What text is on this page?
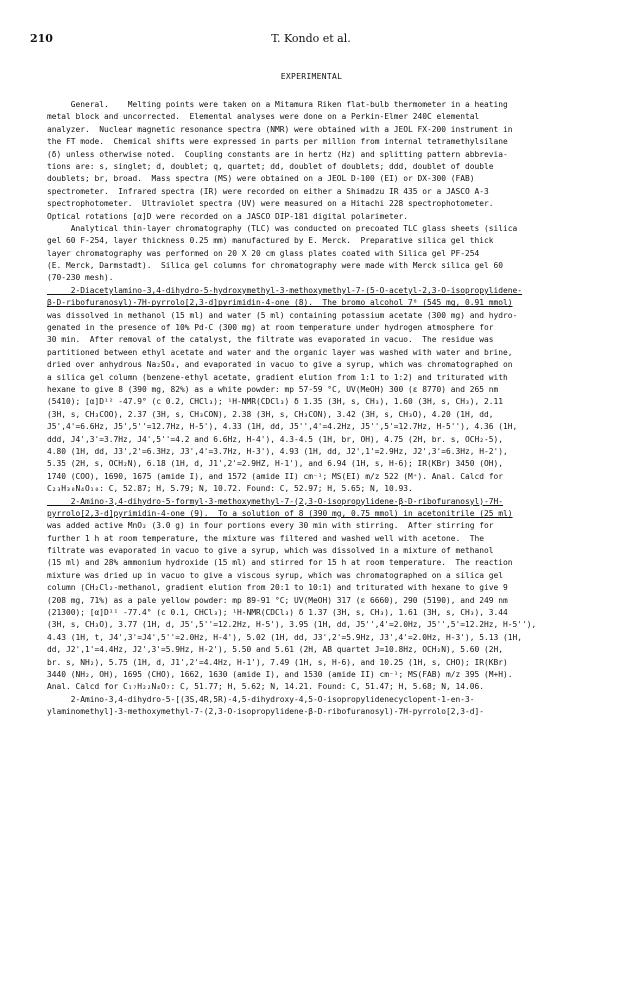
210	T. Kondo et al.
EXPERIMENTAL
General.    Melting points were taken on a Mitamura Riken flat-bulb thermometer in a heating
metal block and uncorrected.  Elemental analyses were done on a Perkin-Elmer 240C elemental
analyzer.  Nuclear magnetic resonance spectra (NMR) were obtained with a JEOL FX-200 instrument in
the FT mode.  Chemical shifts were expressed in parts per million from internal tetramethylsilane
(δ) unless otherwise noted.  Coupling constants are in hertz (Hz) and splitting pattern abbrevia-
tions are: s, singlet; d, doublet; q, quartet; dd, doublet of doublets; ddd, doublet of double
doublets; br, broad.  Mass spectra (MS) were obtained on a JEOL D-100 (EI) or DX-300 (FAB)
spectrometer.  Infrared spectra (IR) were recorded on either a Shimadzu IR 435 or a JASCO A-3
spectrophotometer.  Ultraviolet spectra (UV) were measured on a Hitachi 228 spectrophotometer.
Optical rotations [α]D were recorded on a JASCO DIP-181 digital polarimeter.
Analytical thin-layer chromatography (TLC) was conducted on precoated TLC glass sheets (silica
gel 60 F-254, layer thickness 0.25 mm) manufactured by E. Merck.  Preparative silica gel thick
layer chromatography was performed on 20 X 20 cm glass plates coated with Silica gel PF-254
(E. Merck, Darmstadt).  Silica gel columns for chromatography were made with Merck silica gel 60
(70-230 mesh).
2-Diacetylamino-3,4-dihydro-5-hydroxymethyl-3-methoxymethyl-7-(5-O-acetyl-2,3-O-isopropylidene-
β-D-ribofuranosyl)-7H-pyrrolo[2,3-d]pyrimidin-4-one (8).  The bromo alcohol 7⁸ (545 mg, 0.91 mmol)
was dissolved in methanol (15 ml) and water (5 ml) containing potassium acetate (300 mg) and hydro-
genated in the presence of 10% Pd-C (300 mg) at room temperature under hydrogen atmosphere for
30 min.  After removal of the catalyst, the filtrate was evaporated in vacuo.  The residue was
partitioned between ethyl acetate and water and the organic layer was washed with water and brine,
dried over anhydrous Na₂SO₄, and evaporated in vacuo to give a syrup, which was chromatographed on
a silica gel column (benzene-ethyl acetate, gradient elution from 1:1 to 1:2) and triturated with
hexane to give 8 (390 mg, 82%) as a white powder: mp 57-59 °C, UV(MeOH) 300 (ε 8770) and 265 nm
(5410); [α]D¹² -47.9° (c 0.2, CHCl₃); ¹H-NMR(CDCl₃) δ 1.35 (3H, s, CH₃), 1.60 (3H, s, CH₃), 2.11
(3H, s, CH₃COO), 2.37 (3H, s, CH₃CON), 2.38 (3H, s, CH₃CON), 3.42 (3H, s, CH₃O), 4.20 (1H, dd,
J5',4'=6.6Hz, J5',5''=12.7Hz, H-5'), 4.33 (1H, dd, J5'',4'=4.2Hz, J5'',5'=12.7Hz, H-5''), 4.36 (1H,
ddd, J4',3'=3.7Hz, J4',5''=4.2 and 6.6Hz, H-4'), 4.3-4.5 (1H, br, OH), 4.75 (2H, br. s, OCH₂-5),
4.80 (1H, dd, J3',2'=6.3Hz, J3',4'=3.7Hz, H-3'), 4.93 (1H, dd, J2',1'=2.9Hz, J2',3'=6.3Hz, H-2'),
5.35 (2H, s, OCH₂N), 6.18 (1H, d, J1',2'=2.9HZ, H-1'), and 6.94 (1H, s, H-6); IR(KBr) 3450 (OH),
1740 (COO), 1690, 1675 (amide I), and 1572 (amide II) cm⁻¹; MS(EI) m/z 522 (M⁺). Anal. Calcd for
C₂₃H₃₀N₄O₁₀: C, 52.87; H, 5.79; N, 10.72. Found: C, 52.97; H, 5.65; N, 10.93.
2-Amino-3,4-dihydro-5-formyl-3-methoxymethyl-7-(2,3-O-isopropylidene-β-D-ribofuranosyl)-7H-
pyrrolo[2,3-d]pyrimidin-4-one (9).  To a solution of 8 (390 mg, 0.75 mmol) in acetonitrile (25 ml)
was added active MnO₂ (3.0 g) in four portions every 30 min with stirring.  After stirring for
further 1 h at room temperature, the mixture was filtered and washed well with acetone.  The
filtrate was evaporated in vacuo to give a syrup, which was dissolved in a mixture of methanol
(15 ml) and 28% ammonium hydroxide (15 ml) and stirred for 15 h at room temperature.  The reaction
mixture was dried up in vacuo to give a viscous syrup, which was chromatographed on a silica gel
column (CH₂Cl₂-methanol, gradient elution from 20:1 to 10:1) and triturated with hexane to give 9
(208 mg, 71%) as a pale yellow powder: mp 89-91 °C; UV(MeOH) 317 (ε 6660), 290 (5190), and 249 nm
(21300); [α]D¹¹ -77.4° (c 0.1, CHCl₃); ¹H-NMR(CDCl₃) δ 1.37 (3H, s, CH₃), 1.61 (3H, s, CH₃), 3.44
(3H, s, CH₃O), 3.77 (1H, d, J5',5''=12.2Hz, H-5'), 3.95 (1H, dd, J5'',4'=2.0Hz, J5'',5'=12.2Hz, H-5''),
4.43 (1H, t, J4',3'=J4',5''=2.0Hz, H-4'), 5.02 (1H, dd, J3',2'=5.9Hz, J3',4'=2.0Hz, H-3'), 5.13 (1H,
dd, J2',1'=4.4Hz, J2',3'=5.9Hz, H-2'), 5.50 and 5.61 (2H, AB quartet J=10.8Hz, OCH₂N), 5.60 (2H,
br. s, NH₂), 5.75 (1H, d, J1',2'=4.4Hz, H-1'), 7.49 (1H, s, H-6), and 10.25 (1H, s, CHO); IR(KBr)
3440 (NH₂, OH), 1695 (CHO), 1662, 1630 (amide I), and 1530 (amide II) cm⁻¹; MS(FAB) m/z 395 (M+H).
Anal. Calcd for C₁₇H₂₂N₄O₇: C, 51.77; H, 5.62; N, 14.21. Found: C, 51.47; H, 5.68; N, 14.06.
2-Amino-3,4-dihydro-5-[(3S,4R,5R)-4,5-dihydroxy-4,5-O-isopropylidenecyclopent-1-en-3-
ylaminomethyl]-3-methoxymethyl-7-(2,3-O-isopropylidene-β-D-ribofuranosyl)-7H-pyrrolo[2,3-d]-
